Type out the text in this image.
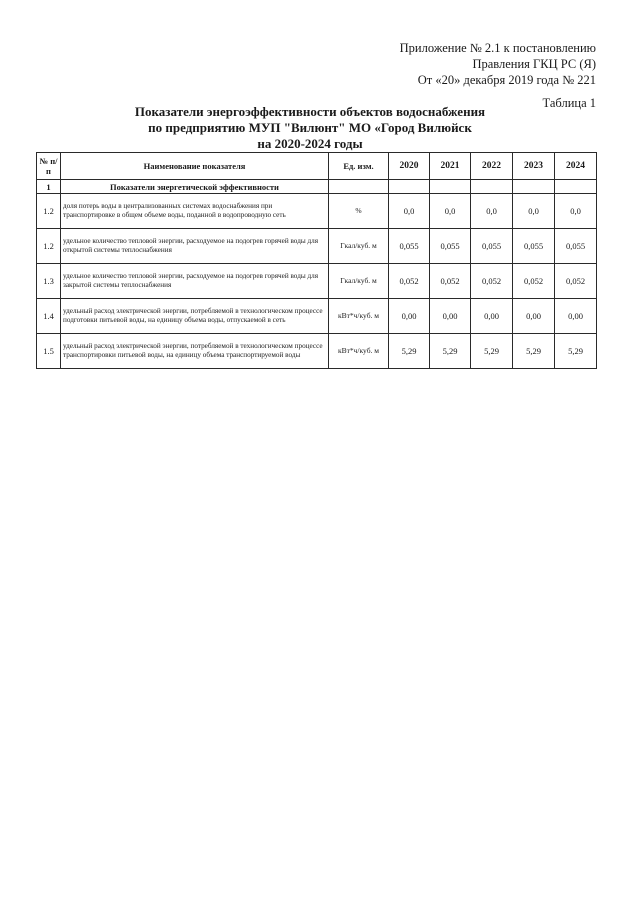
Приложение № 2.1 к постановлению
Правления ГКЦ РС (Я)
От «20» декабря 2019 года № 221
Таблица 1
Показатели энергоэффективности объектов водоснабжения
по предприятию МУП "Вилюнт" МО «Город Вилюйск
на 2020-2024 годы
№ п/п	Наименование показателя	Ед. изм.	2020	2021	2022	2023	2024
1	Показатели энергетической эффективности						
1.2	доля потерь воды в централизованных системах водоснабжения при транспортировке в общем объеме воды, поданной в водопроводную сеть	%	0,0	0,0	0,0	0,0	0,0
1.2	удельное количество тепловой энергии, расходуемое на подогрев горячей воды для открытой системы теплоснабжения	Гкал/куб. м	0,055	0,055	0,055	0,055	0,055
1.3	удельное количество тепловой энергии, расходуемое на подогрев горячей воды для закрытой системы теплоснабжения	Гкал/куб. м	0,052	0,052	0,052	0,052	0,052
1.4	удельный расход электрической энергии, потребляемой в технологическом процессе подготовки питьевой воды, на единицу объема воды, отпускаемой в сеть	кВт*ч/куб. м	0,00	0,00	0,00	0,00	0,00
1.5	удельный расход электрической энергии, потребляемой в технологическом процессе транспортировки питьевой воды, на единицу объема транспортируемой воды	кВт*ч/куб. м	5,29	5,29	5,29	5,29	5,29
